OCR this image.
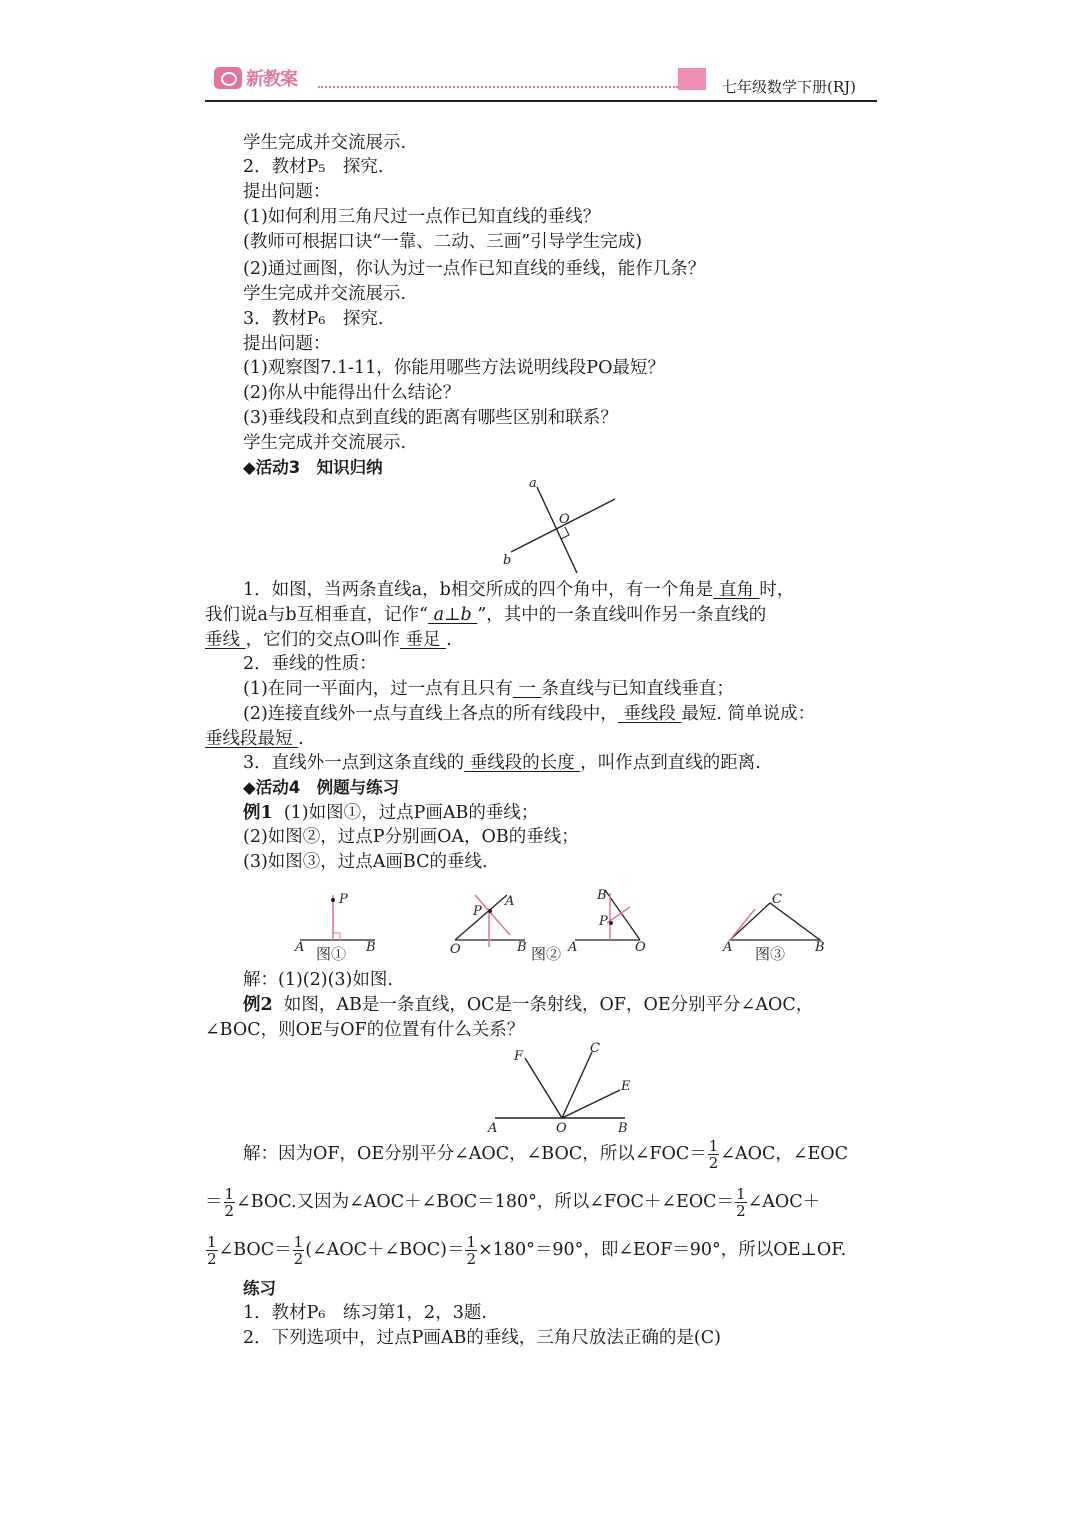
新教案	七年级数学下册(RJ)
学生完成并交流展示.
2．教材P₅　探究.
提出问题：
(1)如何利用三角尺过一点作已知直线的垂线？
(教师可根据口诀“一靠、二动、三画”引导学生完成)
(2)通过画图，你认为过一点作已知直线的垂线，能作几条？
学生完成并交流展示.
3．教材P₆　探究.
提出问题：
(1)观察图7.1-11，你能用哪些方法说明线段PO最短？
(2)你从中能得出什么结论？
(3)垂线段和点到直线的距离有哪些区别和联系？
学生完成并交流展示.
◆活动3　知识归纳
a
b
O
1．如图，当两条直线a，b相交所成的四个角中，有一个角是 直角 时，
我们说a与b互相垂直，记作“ a⊥b ”，其中的一条直线叫作另一条直线的
垂线 ，它们的交点O叫作 垂足 .
2．垂线的性质：
(1)在同一平面内，过一点有且只有 一 条直线与已知直线垂直；
(2)连接直线外一点与直线上各点的所有线段中， 垂线段 最短. 简单说成：
垂线段最短 .
3．直线外一点到这条直线的 垂线段的长度 ，叫作点到直线的距离.
◆活动4　例题与练习
例1 (1)如图①，过点P画AB的垂线；
(2)如图②，过点P分别画OA，OB的垂线；
(3)如图③，过点A画BC的垂线.
P
A	B
图①
P
A
O	B 图②
B
P
A	O
C
A	B
图③
解：(1)(2)(3)如图.
例2 如图，AB是一条直线，OC是一条射线，OF，OE分别平分∠AOC，
∠BOC，则OE与OF的位置有什么关系？
F
C
E
A	O	B
解：因为OF，OE分别平分∠AOC，∠BOC，所以∠FOC＝ $\frac{1}{2}$ ∠AOC，∠EOC
＝ $\frac{1}{2}$ ∠BOC.又因为∠AOC＋∠BOC＝180°，所以∠FOC＋∠EOC＝ $\frac{1}{2}$ ∠AOC＋
$\frac{1}{2}$ ∠BOC＝ $\frac{1}{2}$ (∠AOC＋∠BOC)＝ $\frac{1}{2} \times 180^\circ=90^\circ$，即∠EOF＝90°，所以OE⊥OF.
练习
1．教材P₆　练习第1，2，3题.
2．下列选项中，过点P画AB的垂线，三角尺放法正确的是(C)
